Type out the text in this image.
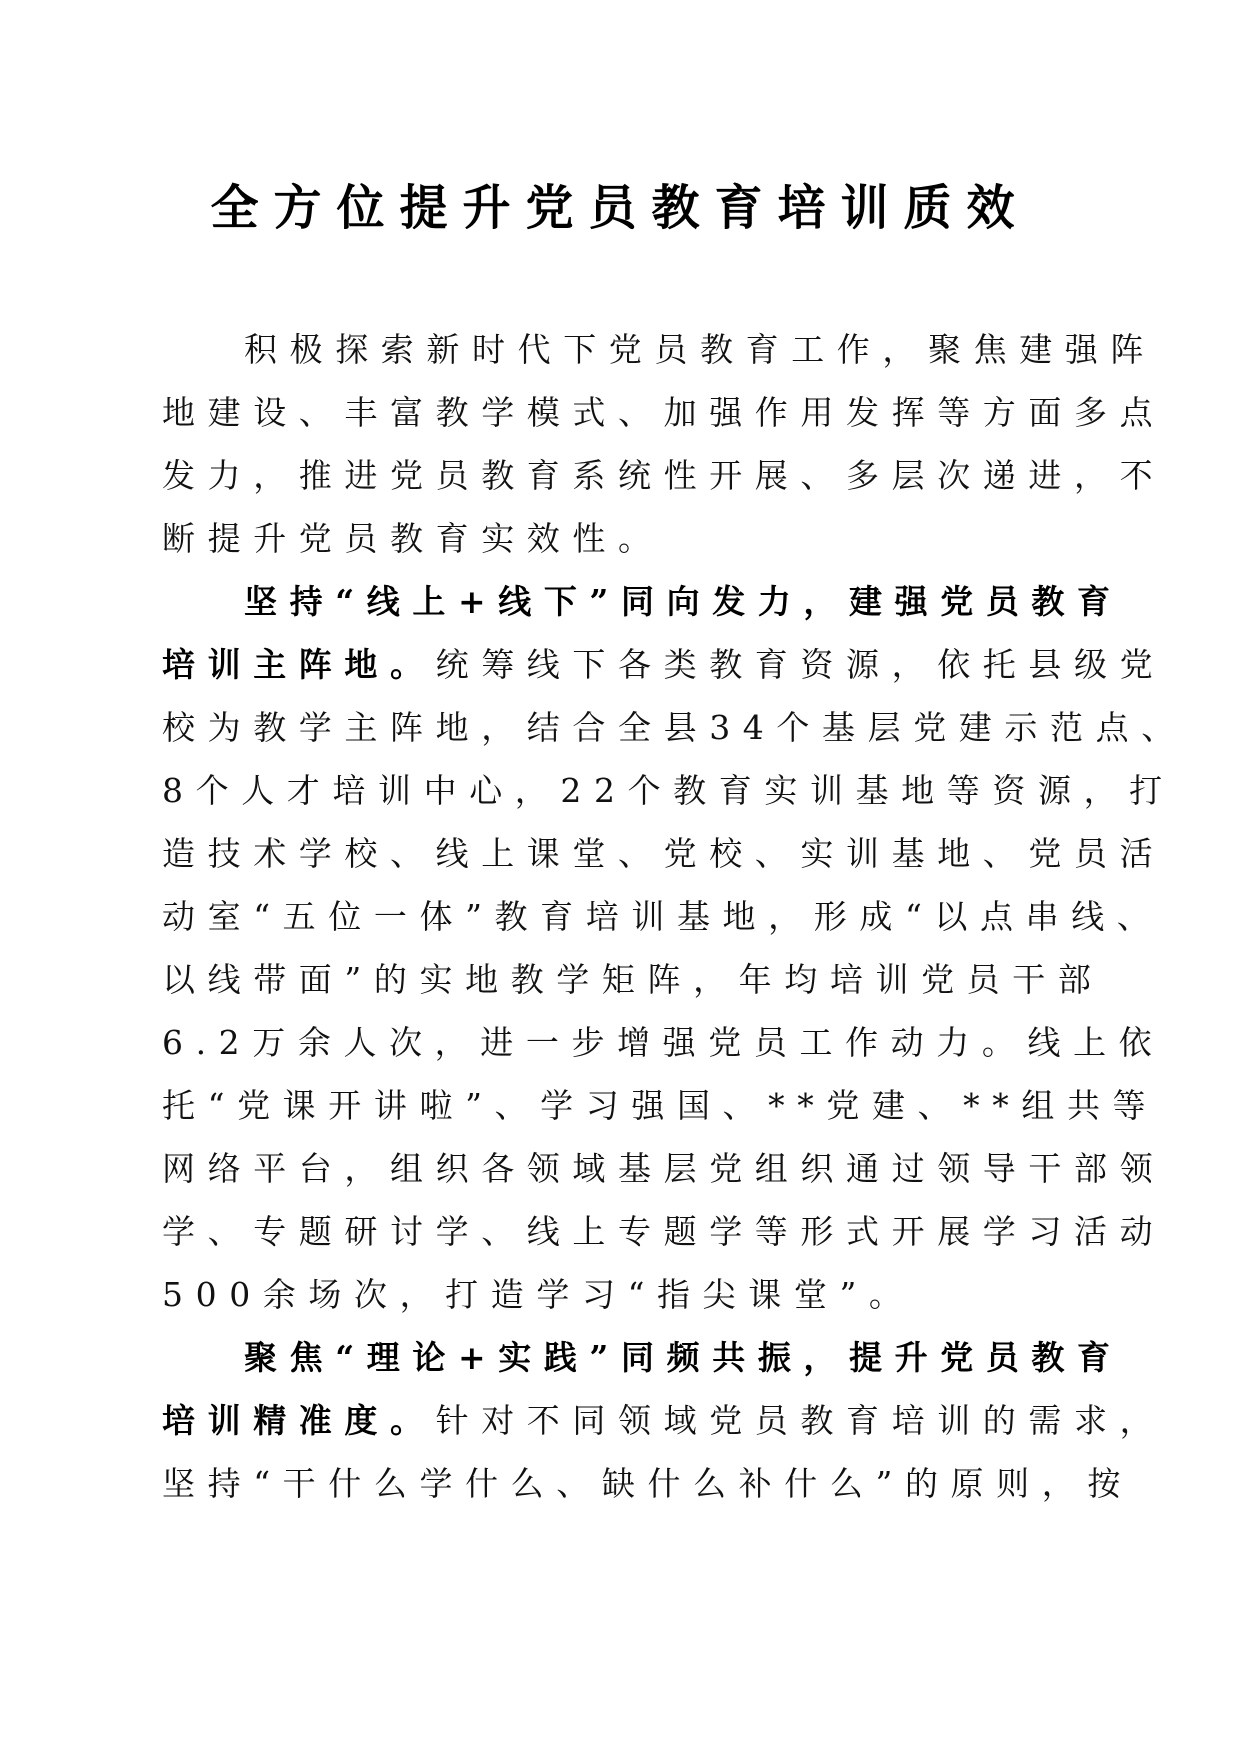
全方位提升党员教育培训质效
积极探索新时代下党员教育工作，聚焦建强阵
地建设、丰富教学模式、加强作用发挥等方面多点
发力，推进党员教育系统性开展、多层次递进，不
断提升党员教育实效性。
坚持“线上+线下”同向发力，建强党员教育
培训主阵地。统筹线下各类教育资源，依托县级党
校为教学主阵地，结合全县34个基层党建示范点、
8个人才培训中心，22个教育实训基地等资源，打
造技术学校、线上课堂、党校、实训基地、党员活
动室“五位一体”教育培训基地，形成“以点串线、
以线带面”的实地教学矩阵，年均培训党员干部
6.2万余人次，进一步增强党员工作动力。线上依
托“党课开讲啦”、学习强国、**党建、**组共等
网络平台，组织各领域基层党组织通过领导干部领
学、专题研讨学、线上专题学等形式开展学习活动
500余场次，打造学习“指尖课堂”。
聚焦“理论+实践”同频共振，提升党员教育
培训精准度。针对不同领域党员教育培训的需求，
坚持“干什么学什么、缺什么补什么”的原则，按
